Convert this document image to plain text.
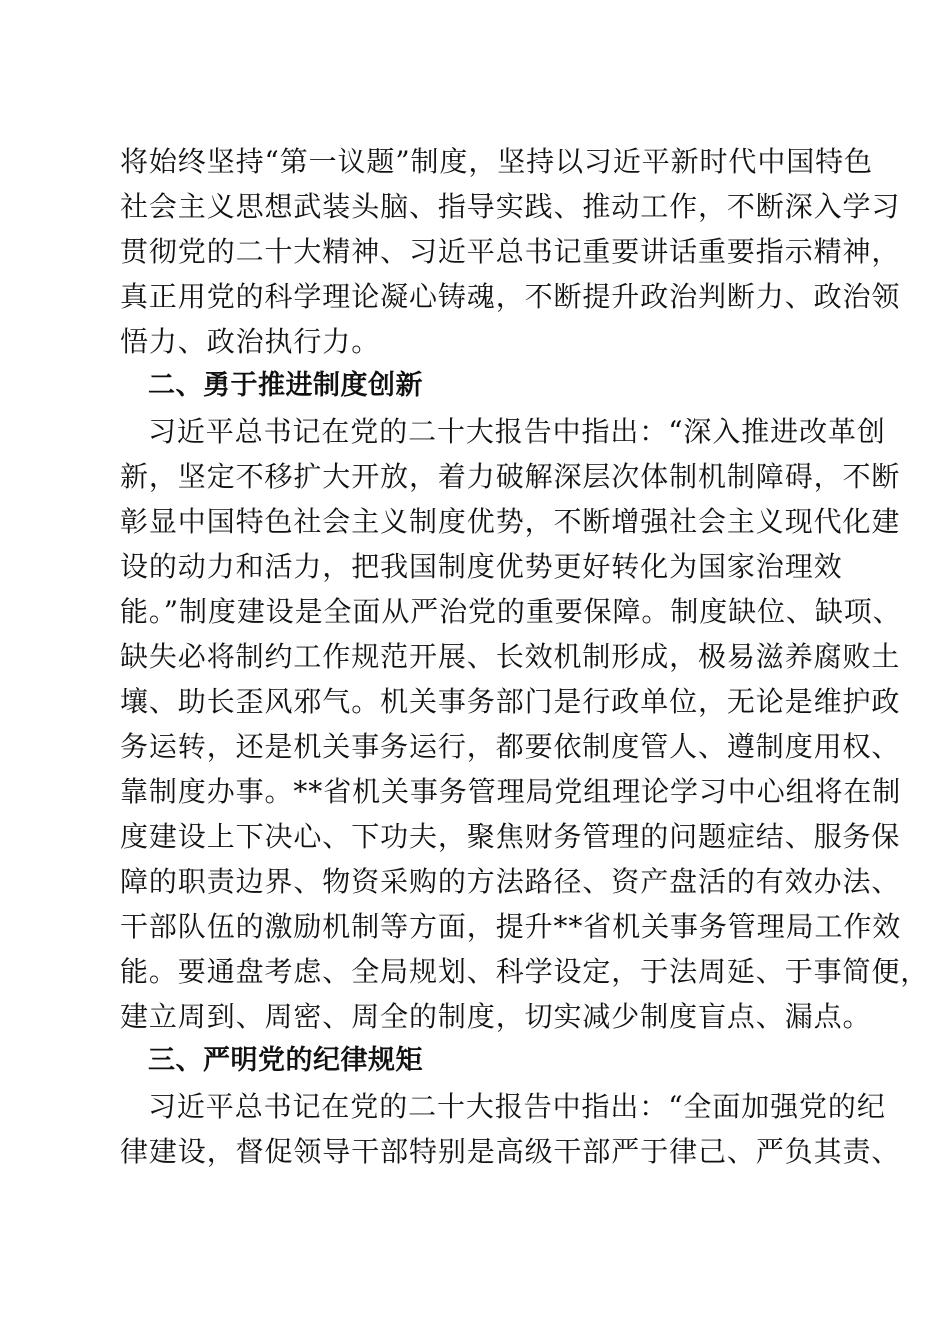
将始终坚持“第一议题”制度，坚持以习近平新时代中国特色
社会主义思想武装头脑、指导实践、推动工作，不断深入学习
贯彻党的二十大精神、习近平总书记重要讲话重要指示精神，
真正用党的科学理论凝心铸魂，不断提升政治判断力、政治领
悟力、政治执行力。
二、勇于推进制度创新
习近平总书记在党的二十大报告中指出：“深入推进改革创
新，坚定不移扩大开放，着力破解深层次体制机制障碍，不断
彰显中国特色社会主义制度优势，不断增强社会主义现代化建
设的动力和活力，把我国制度优势更好转化为国家治理效
能。”制度建设是全面从严治党的重要保障。制度缺位、缺项、
缺失必将制约工作规范开展、长效机制形成，极易滋养腐败土
壤、助长歪风邪气。机关事务部门是行政单位，无论是维护政
务运转，还是机关事务运行，都要依制度管人、遵制度用权、
靠制度办事。**省机关事务管理局党组理论学习中心组将在制
度建设上下决心、下功夫，聚焦财务管理的问题症结、服务保
障的职责边界、物资采购的方法路径、资产盘活的有效办法、
干部队伍的激励机制等方面，提升**省机关事务管理局工作效
能。要通盘考虑、全局规划、科学设定，于法周延、于事简便，
建立周到、周密、周全的制度，切实减少制度盲点、漏点。
三、严明党的纪律规矩
习近平总书记在党的二十大报告中指出：“全面加强党的纪
律建设，督促领导干部特别是高级干部严于律己、严负其责、
